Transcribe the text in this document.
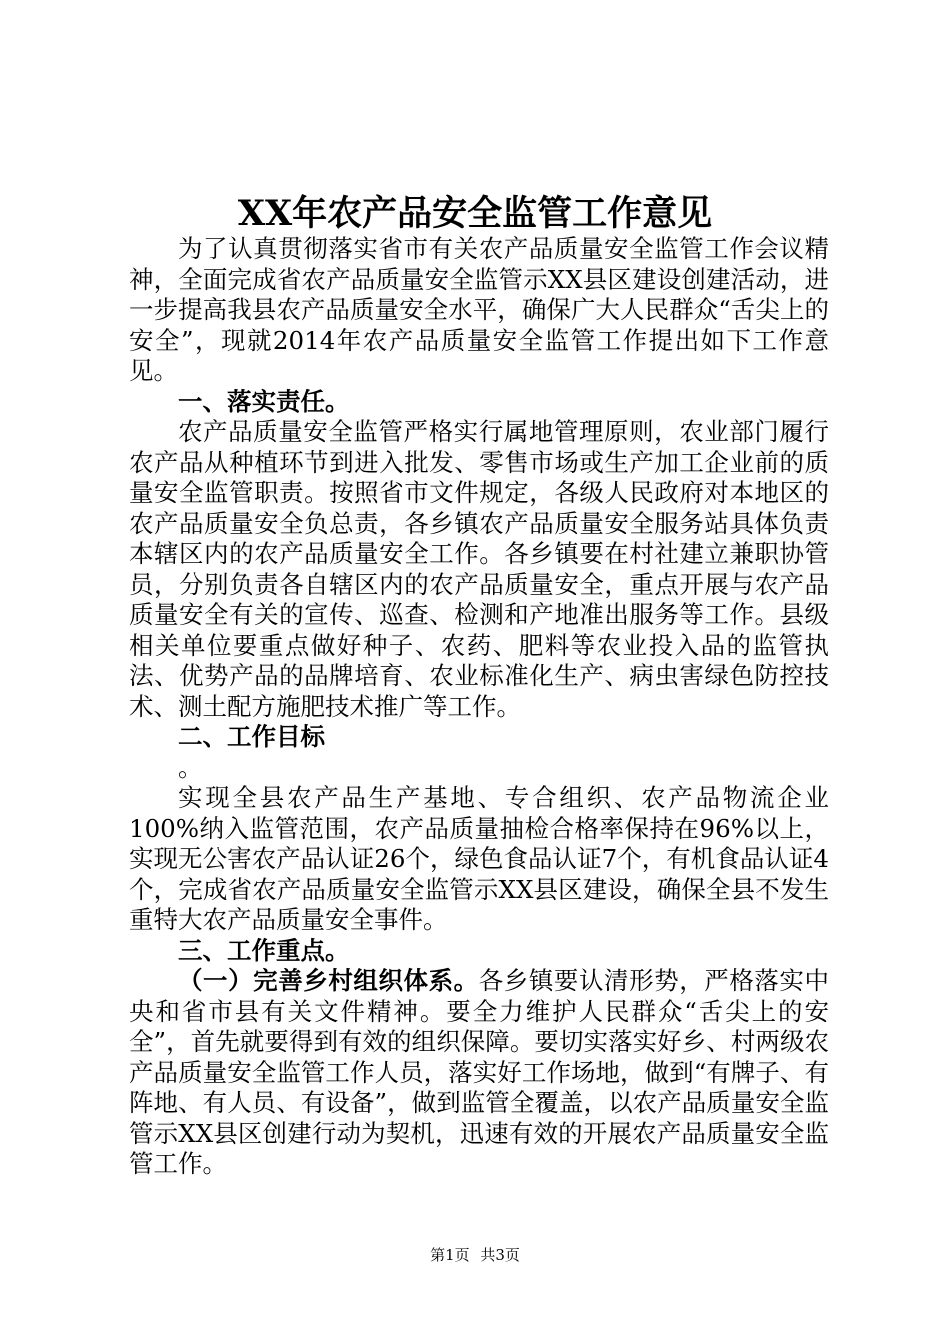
XX年农产品安全监管工作意见

为了认真贯彻落实省市有关农产品质量安全监管工作会议精神，全面完成省农产品质量安全监管示XX县区建设创建活动，进一步提高我县农产品质量安全水平，确保广大人民群众“舌尖上的安全”，现就2014年农产品质量安全监管工作提出如下工作意见。

一、落实责任。

农产品质量安全监管严格实行属地管理原则，农业部门履行农产品从种植环节到进入批发、零售市场或生产加工企业前的质量安全监管职责。按照省市文件规定，各级人民政府对本地区的农产品质量安全负总责，各乡镇农产品质量安全服务站具体负责本辖区内的农产品质量安全工作。各乡镇要在村社建立兼职协管员，分别负责各自辖区内的农产品质量安全，重点开展与农产品质量安全有关的宣传、巡查、检测和产地准出服务等工作。县级相关单位要重点做好种子、农药、肥料等农业投入品的监管执法、优势产品的品牌培育、农业标准化生产、病虫害绿色防控技术、测土配方施肥技术推广等工作。

二、工作目标

。

实现全县农产品生产基地、专合组织、农产品物流企业100%纳入监管范围，农产品质量抽检合格率保持在96%以上，实现无公害农产品认证26个，绿色食品认证7个，有机食品认证4个，完成省农产品质量安全监管示XX县区建设，确保全县不发生重特大农产品质量安全事件。

三、工作重点。

（一）完善乡村组织体系。各乡镇要认清形势，严格落实中央和省市县有关文件精神。要全力维护人民群众“舌尖上的安全”，首先就要得到有效的组织保障。要切实落实好乡、村两级农产品质量安全监管工作人员，落实好工作场地，做到“有牌子、有阵地、有人员、有设备”，做到监管全覆盖，以农产品质量安全监管示XX县区创建行动为契机，迅速有效的开展农产品质量安全监管工作。

第1页 共3页
